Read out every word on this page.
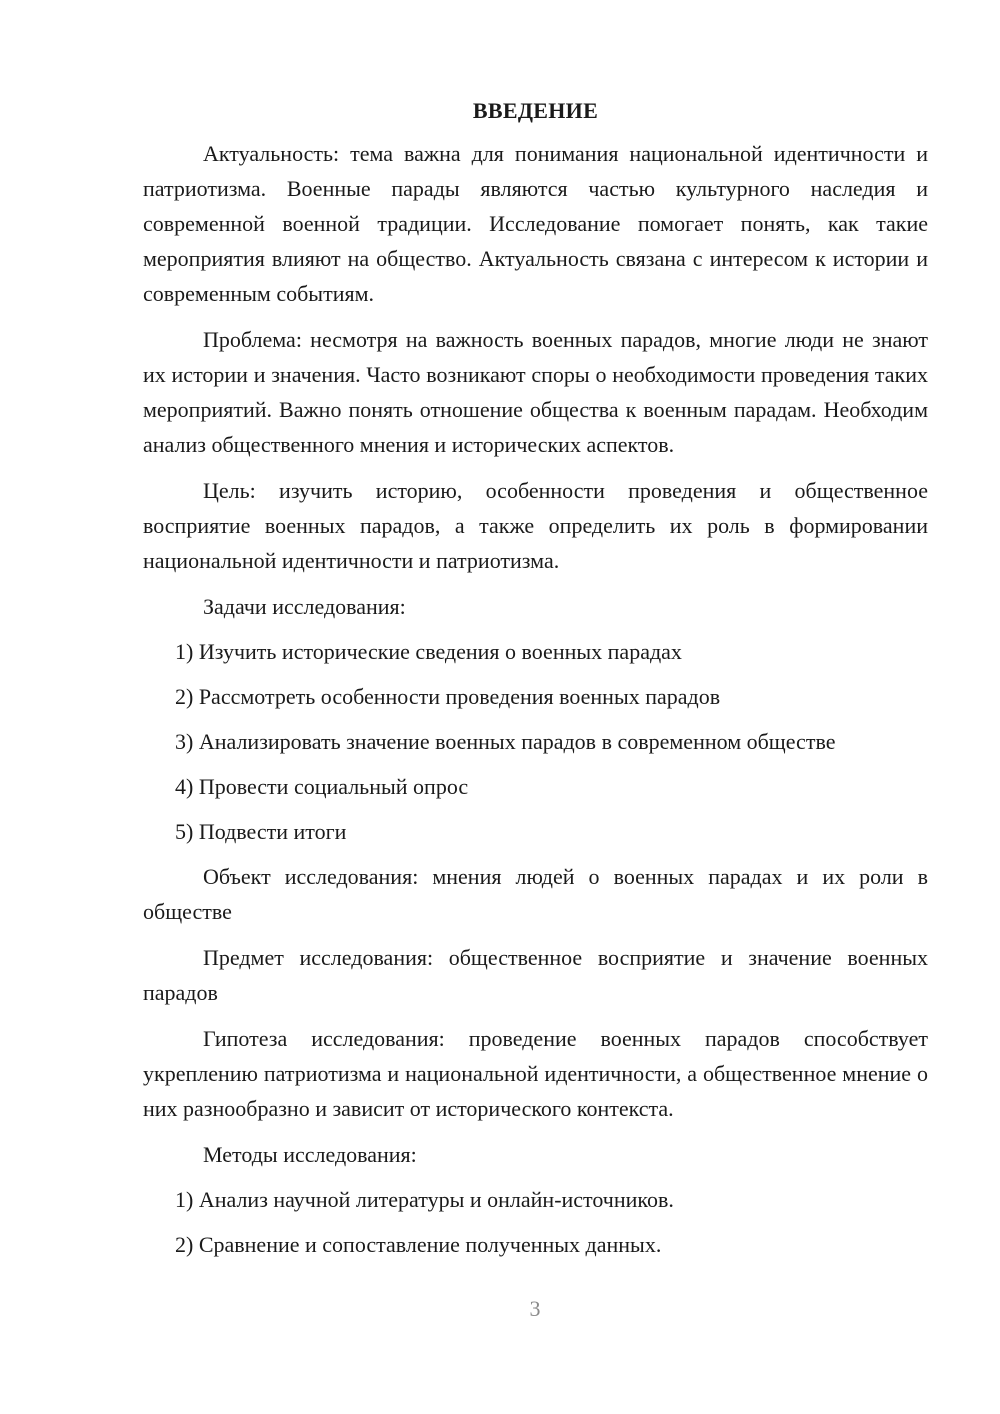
ВВЕДЕНИЕ

Актуальность: тема важна для понимания национальной идентичности и патриотизма. Военные парады являются частью культурного наследия и современной военной традиции. Исследование помогает понять, как такие мероприятия влияют на общество. Актуальность связана с интересом к истории и современным событиям.

Проблема: несмотря на важность военных парадов, многие люди не знают их истории и значения. Часто возникают споры о необходимости проведения таких мероприятий. Важно понять отношение общества к военным парадам. Необходим анализ общественного мнения и исторических аспектов.

Цель: изучить историю, особенности проведения и общественное восприятие военных парадов, а также определить их роль в формировании национальной идентичности и патриотизма.

Задачи исследования:
1) Изучить исторические сведения о военных парадах
2) Рассмотреть особенности проведения военных парадов
3) Анализировать значение военных парадов в современном обществе
4) Провести социальный опрос
5) Подвести итоги

Объект исследования: мнения людей о военных парадах и их роли в обществе

Предмет исследования: общественное восприятие и значение военных парадов

Гипотеза исследования: проведение военных парадов способствует укреплению патриотизма и национальной идентичности, а общественное мнение о них разнообразно и зависит от исторического контекста.

Методы исследования:
1) Анализ научной литературы и онлайн-источников.
2) Сравнение и сопоставление полученных данных.
3
